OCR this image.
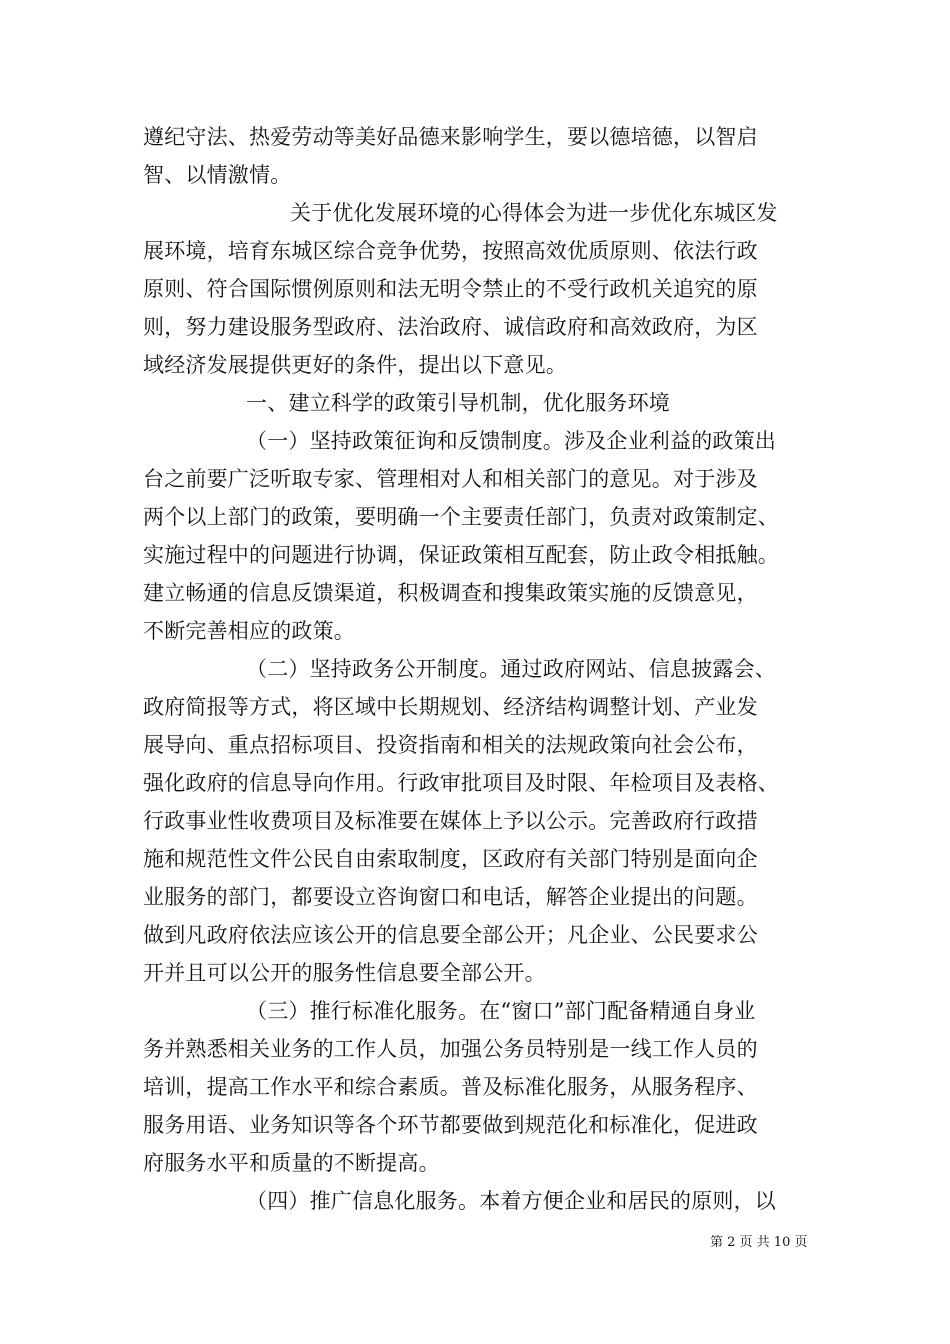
遵纪守法、热爱劳动等美好品德来影响学生，要以德培德，以智启
智、以情激情。
关于优化发展环境的心得体会为进一步优化东城区发
展环境，培育东城区综合竞争优势，按照高效优质原则、依法行政
原则、符合国际惯例原则和法无明令禁止的不受行政机关追究的原
则，努力建设服务型政府、法治政府、诚信政府和高效政府，为区
域经济发展提供更好的条件，提出以下意见。
一、建立科学的政策引导机制，优化服务环境
（一）坚持政策征询和反馈制度。涉及企业利益的政策出
台之前要广泛听取专家、管理相对人和相关部门的意见。对于涉及
两个以上部门的政策，要明确一个主要责任部门，负责对政策制定、
实施过程中的问题进行协调，保证政策相互配套，防止政令相抵触。
建立畅通的信息反馈渠道，积极调查和搜集政策实施的反馈意见，
不断完善相应的政策。
（二）坚持政务公开制度。通过政府网站、信息披露会、
政府简报等方式，将区域中长期规划、经济结构调整计划、产业发
展导向、重点招标项目、投资指南和相关的法规政策向社会公布，
强化政府的信息导向作用。行政审批项目及时限、年检项目及表格、
行政事业性收费项目及标准要在媒体上予以公示。完善政府行政措
施和规范性文件公民自由索取制度，区政府有关部门特别是面向企
业服务的部门，都要设立咨询窗口和电话，解答企业提出的问题。
做到凡政府依法应该公开的信息要全部公开；凡企业、公民要求公
开并且可以公开的服务性信息要全部公开。
（三）推行标准化服务。在“窗口”部门配备精通自身业
务并熟悉相关业务的工作人员，加强公务员特别是一线工作人员的
培训，提高工作水平和综合素质。普及标准化服务，从服务程序、
服务用语、业务知识等各个环节都要做到规范化和标准化，促进政
府服务水平和质量的不断提高。
（四）推广信息化服务。本着方便企业和居民的原则，以
第 2 页 共 10 页
